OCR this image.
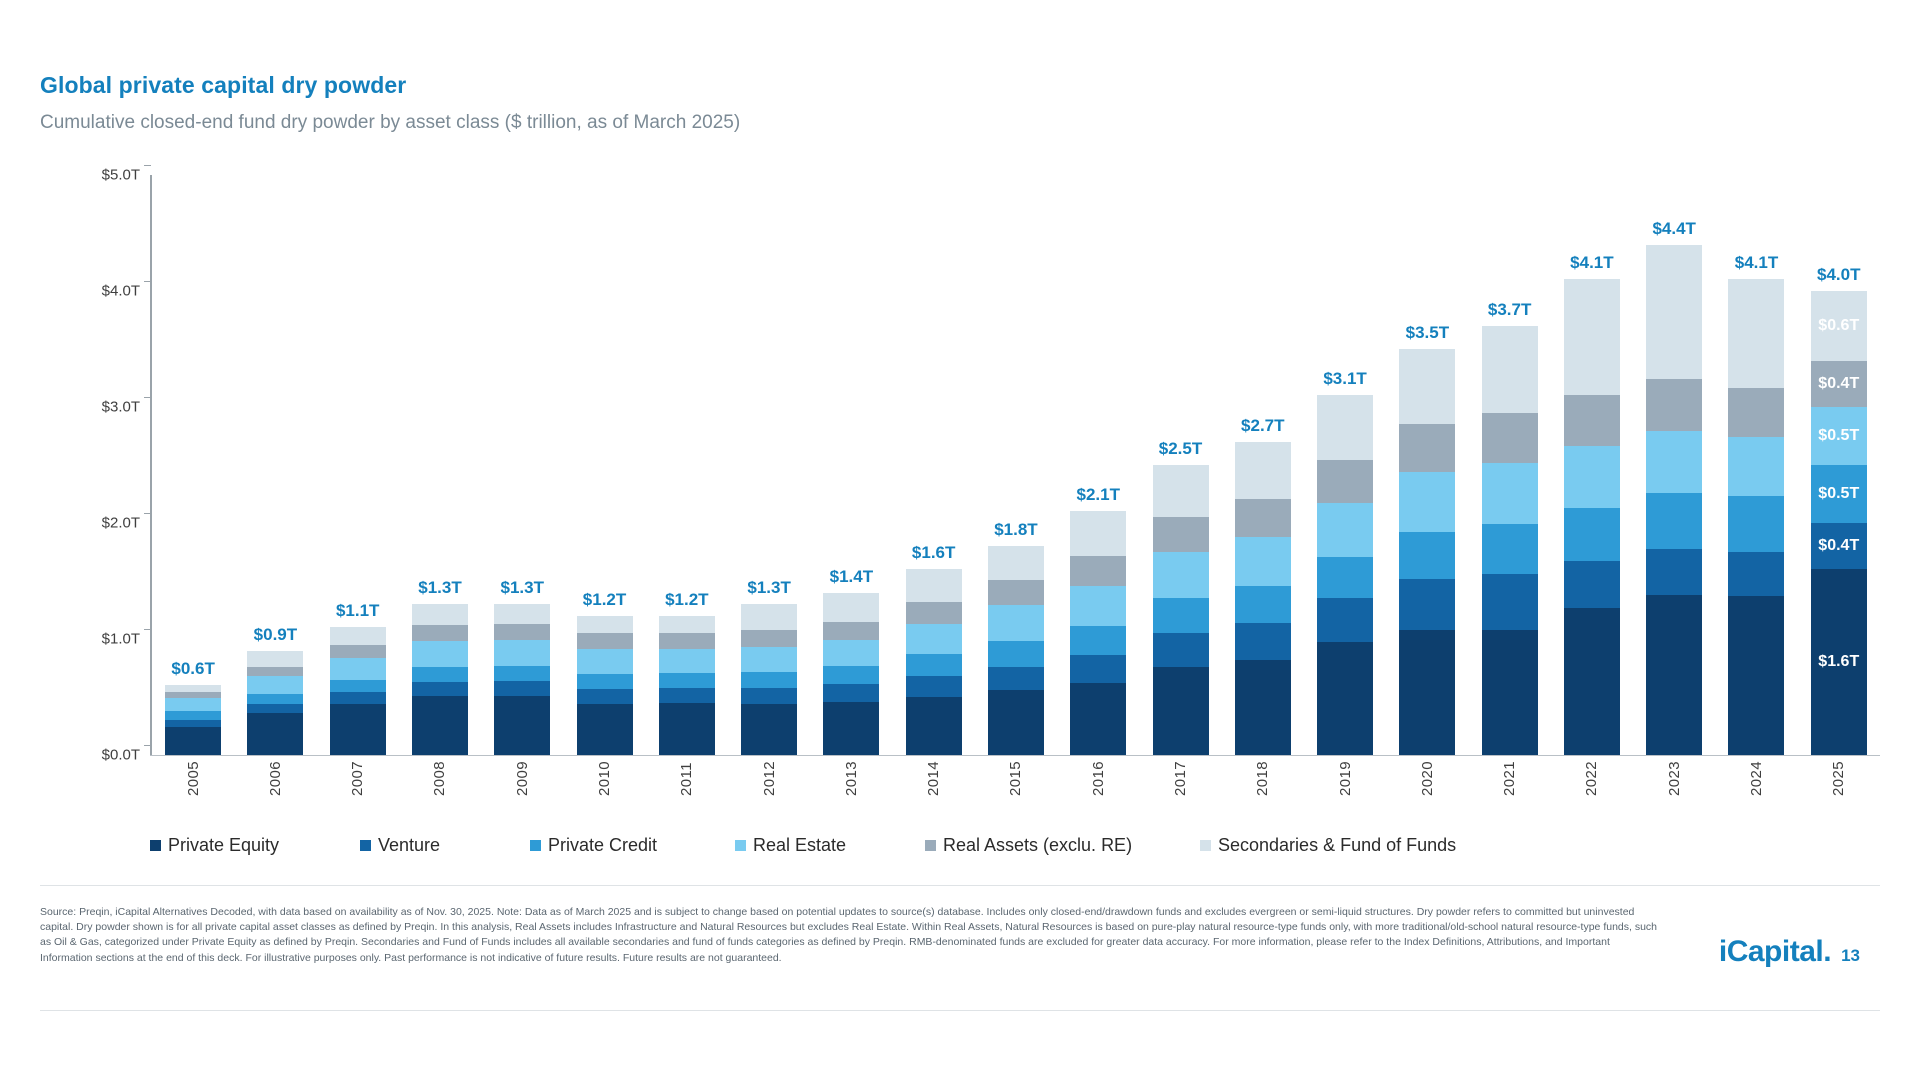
Global private capital dry powder
Cumulative closed-end fund dry powder by asset class ($ trillion, as of March 2025)
$0.0T
$1.0T
$2.0T
$3.0T
$4.0T
$5.0T
$0.6T
$0.9T
$1.1T
$1.3T $1.3T
$1.2T $1.2T
$1.3T
$1.4T
$1.6T
$1.8T
$2.1T
$2.5T
$2.7T
$3.1T
$3.5T
$3.7T
$4.1T
$4.4T
$4.1T
$1.6T
$0.4T
$0.5T
$0.5T
$0.4T
$0.6T
$4.0T
2005	2006	2007	2008	2009	2010	2011	2012	2013	2014	2015	2016	2017	2018	2019	2020	2021	2022	2023	2024	2025
Private Equity	Venture	Private Credit	Real Estate	Real Assets (exclu. RE)	Secondaries & Fund of Funds
Source: Preqin, iCapital Alternatives Decoded, with data based on availability as of Nov. 30, 2025. Note: Data as of March 2025 and is subject to change based on potential updates to source(s) database. Includes only closed-end/drawdown funds and excludes evergreen or semi-liquid structures. Dry powder refers to committed but uninvested capital. Dry powder shown is for all private capital asset classes as defined by Preqin. In this analysis, Real Assets includes Infrastructure and Natural Resources but excludes Real Estate. Within Real Assets, Natural Resources is based on pure-play natural resource-type funds only, with more traditional/old-school natural resource-type funds, such as Oil & Gas, categorized under Private Equity as defined by Preqin. Secondaries and Fund of Funds includes all available secondaries and fund of funds categories as defined by Preqin. RMB-denominated funds are excluded for greater data accuracy. For more information, please refer to the Index Definitions, Attributions, and Important Information sections at the end of this deck. For illustrative purposes only. Past performance is not indicative of future results. Future results are not guaranteed.	iCapital. 13
